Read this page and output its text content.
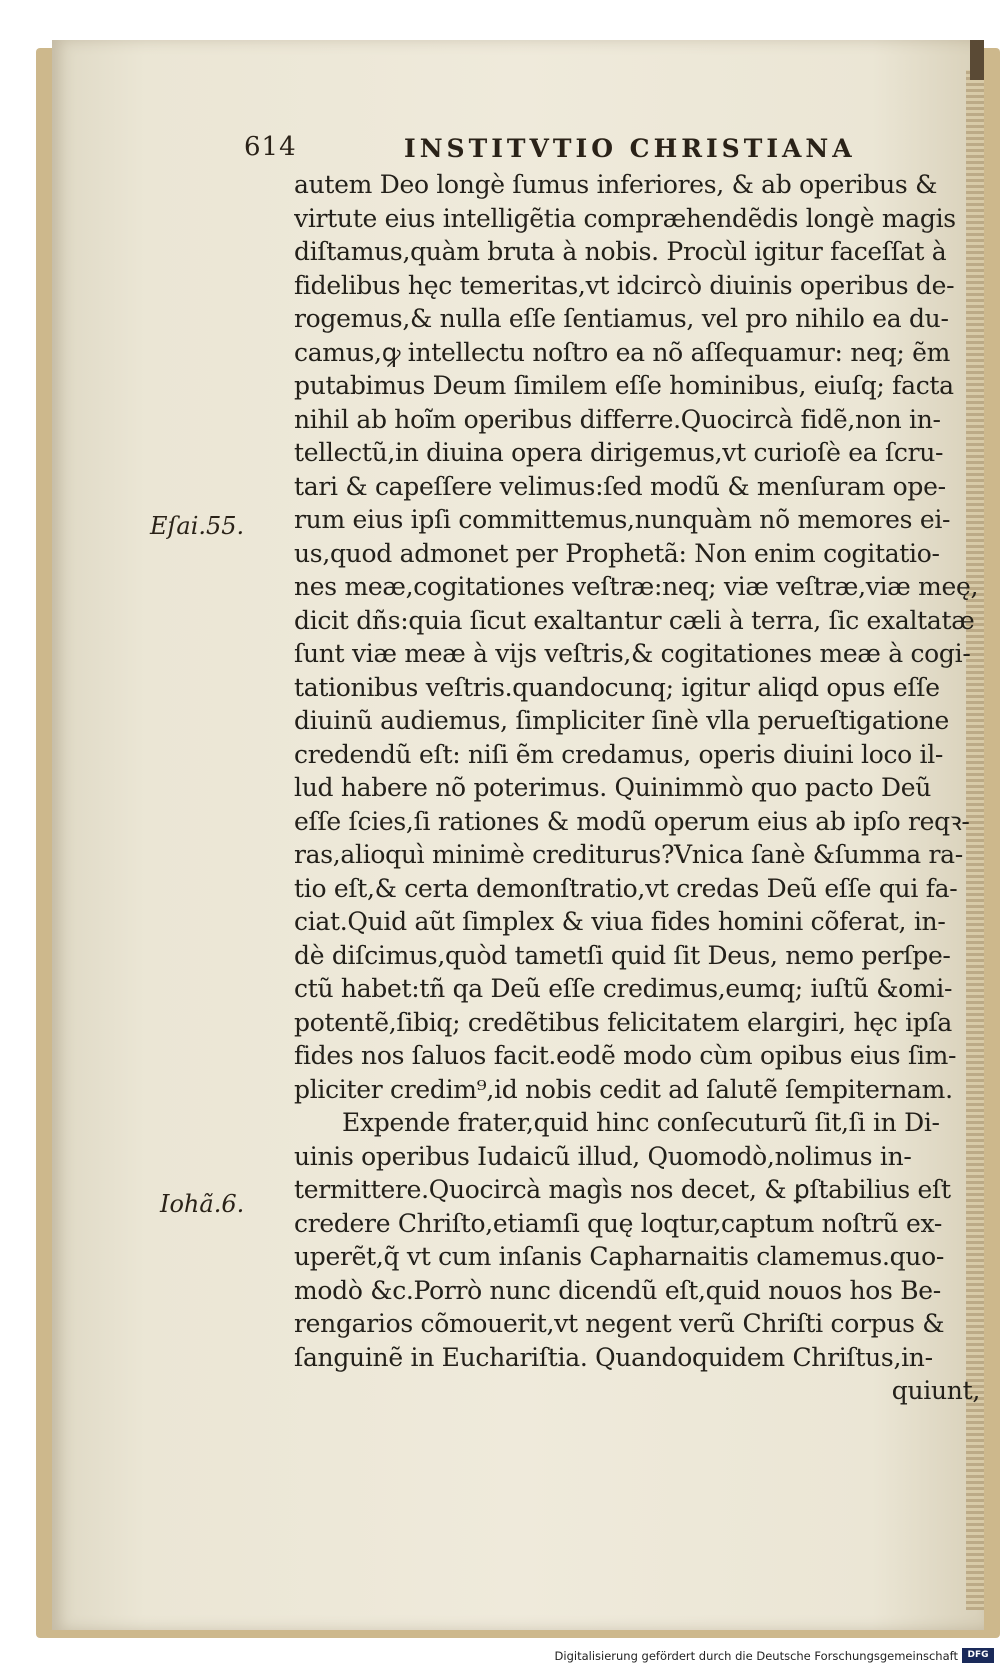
614	INSTITVTIO CHRISTIANA
Eſai.55.
Iohã.6.
autem Deo longè ſumus inferiores, & ab operibus &
virtute eius intelligẽtia compræhendẽdis longè magis
diſtamus,quàm bruta à nobis. Procùl igitur faceſſat à
fidelibus hęc temeritas,vt idcircò diuinis operibus de-
rogemus,& nulla eſſe ſentiamus, vel pro nihilo ea du-
camus,ꝙ intellectu noſtro ea nõ aſſequamur: neq; ẽm
putabimus Deum ſimilem eſſe hominibus, eiuſq; facta
nihil ab hoĩm operibus differre.Quocircà fidẽ,non in-
tellectũ,in diuina opera dirigemus,vt curioſè ea ſcru-
tari & capeſſere velimus:ſed modũ & menſuram ope-
rum eius ipſi committemus,nunquàm nõ memores ei-
us,quod admonet per Prophetã: Non enim cogitatio-
nes meæ,cogitationes veſtræ:neq; viæ veſtræ,viæ meę,
dicit dñs:quia ſicut exaltantur cæli à terra, ſic exaltatæ
ſunt viæ meæ à vijs veſtris,& cogitationes meæ à cogi-
tationibus veſtris.quandocunq; igitur aliqd opus eſſe
diuinũ audiemus, ſimpliciter ſinè vlla perueſtigatione
credendũ eſt: niſi ẽm credamus, operis diuini loco il-
lud habere nõ poterimus. Quinimmò quo pacto Deũ
eſſe ſcies,ſi rationes & modũ operum eius ab ipſo reqꝛ-
ras,alioquì minimè crediturus?Vnica ſanè &ſumma ra-
tio eſt,& certa demonſtratio,vt credas Deũ eſſe qui fa-
ciat.Quid aũt ſimplex & viua fides homini cõferat, in-
dè diſcimus,quòd tametſi quid ſit Deus, nemo perſpe-
ctũ habet:tñ qa Deũ eſſe credimus,eumq; iuſtũ &omi-
potentẽ,ſibiq; credẽtibus felicitatem elargiri, hęc ipſa
fides nos ſaluos facit.eodẽ modo cùm opibus eius ſim-
pliciter credim⁹,id nobis cedit ad ſalutẽ ſempiternam.
Expende frater,quid hinc conſecuturũ ſit,ſi in Di-
uinis operibus Iudaicũ illud, Quomodò,nolimus in-
termittere.Quocircà magìs nos decet, & ꝑſtabilius eſt
credere Chriſto,etiamſi quę loqtur,captum noſtrũ ex-
uperẽt,q̃ vt cum inſanis Capharnaitis clamemus.quo-
modò &c.Porrò nunc dicendũ eſt,quid nouos hos Be-
rengarios cõmouerit,vt negent verũ Chriſti corpus &
ſanguinẽ in Euchariſtia. Quandoquidem Chriſtus,in-
quiunt,
Digitalisierung gefördert durch die Deutsche Forschungsgemeinschaft	DFG
